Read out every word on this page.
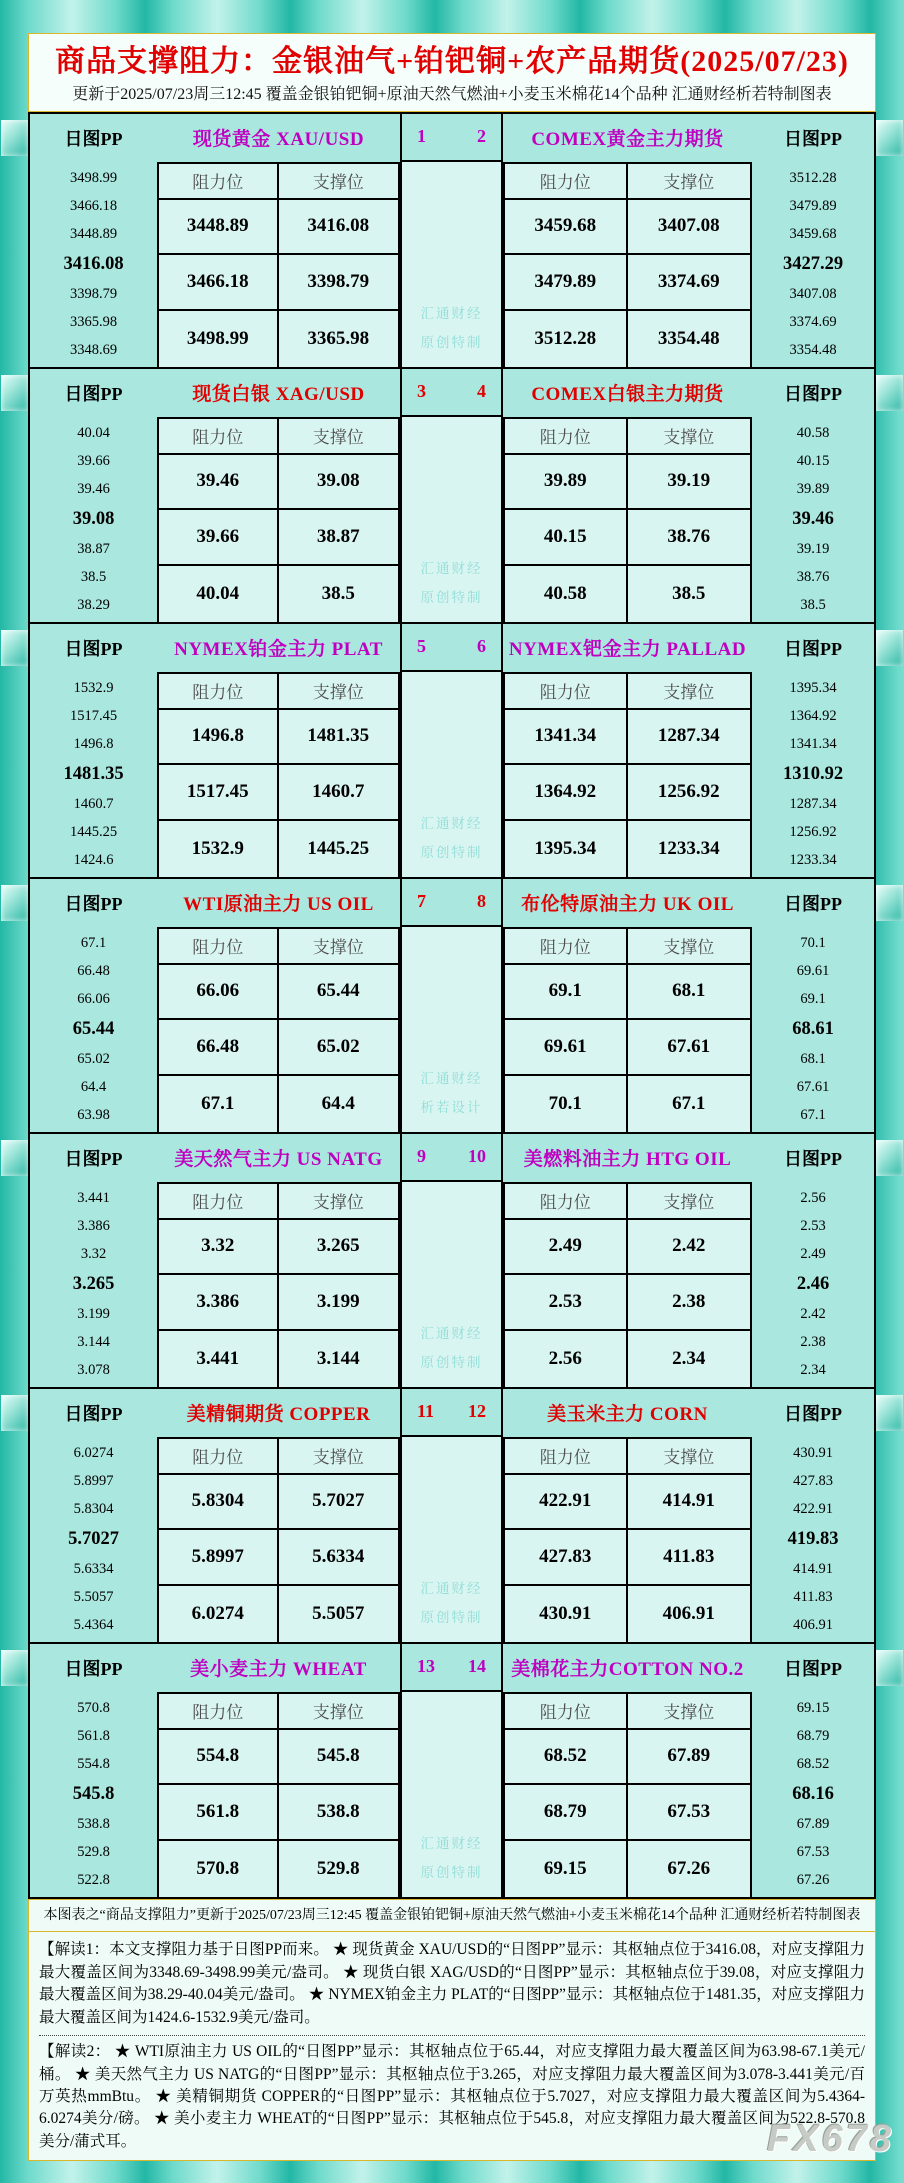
商品支撑阻力：金银油气+铂钯铜+农产品期货(2025/07/23)
更新于2025/07/23周三12:45 覆盖金银铂钯铜+原油天然气燃油+小麦玉米棉花14个品种 汇通财经析若特制图表
日图PP	现货黄金 XAU/USD	1	2 COMEX黄金主力期货	日图PP
3498.99
3466.18
3448.89
3416.08
3398.79
3365.98
3348.69
阻力位	支撑位
3448.89	3416.08
3466.18	3398.79
3498.99	3365.98
汇通财经
原创特制
阻力位	支撑位
3459.68	3407.08
3479.89	3374.69
3512.28	3354.48
3512.28
3479.89
3459.68
3427.29
3407.08
3374.69
3354.48
日图PP	现货白银 XAG/USD	3	4 COMEX白银主力期货	日图PP
40.04
39.66
39.46
39.08
38.87
38.5
38.29
阻力位	支撑位
39.46	39.08
39.66	38.87
40.04	38.5
汇通财经
原创特制
阻力位	支撑位
39.89	39.19
40.15	38.76
40.58	38.5
40.58
40.15
39.89
39.46
39.19
38.76
38.5
日图PP	NYMEX铂金主力 PLAT 5	6 NYMEX钯金主力 PALLAD	日图PP
1532.9
1517.45
1496.8
1481.35
1460.7
1445.25
1424.6
阻力位	支撑位
1496.8	1481.35
1517.45	1460.7
1532.9	1445.25
汇通财经
原创特制
阻力位	支撑位
1341.34	1287.34
1364.92	1256.92
1395.34	1233.34
1395.34
1364.92
1341.34
1310.92
1287.34
1256.92
1233.34
日图PP	WTI原油主力 US OIL 7	8 布伦特原油主力 UK OIL	日图PP
67.1
66.48
66.06
65.44
65.02
64.4
63.98
阻力位	支撑位
66.06	65.44
66.48	65.02
67.1	64.4
汇通财经
析若设计
阻力位	支撑位
69.1	68.1
69.61	67.61
70.1	67.1
70.1
69.61
69.1
68.61
68.1
67.61
67.1
日图PP	美天然气主力 US NATG 9 10 美燃料油主力 HTG OIL	日图PP
3.441
3.386
3.32
3.265
3.199
3.144
3.078
阻力位	支撑位
3.32	3.265
3.386	3.199
3.441	3.144
汇通财经
原创特制
阻力位	支撑位
2.49	2.42
2.53	2.38
2.56	2.34
2.56
2.53
2.49
2.46
2.42
2.38
2.34
日图PP	美精铜期货 COPPER	11 12	美玉米主力 CORN	日图PP
6.0274
5.8997
5.8304
5.7027
5.6334
5.5057
5.4364
阻力位	支撑位
5.8304	5.7027
5.8997	5.6334
6.0274	5.5057
汇通财经
原创特制
阻力位	支撑位
422.91	414.91
427.83	411.83
430.91	406.91
430.91
427.83
422.91
419.83
414.91
411.83
406.91
日图PP	美小麦主力 WHEAT	13 14 美棉花主力COTTON NO.2	日图PP
570.8
561.8
554.8
545.8
538.8
529.8
522.8
阻力位	支撑位
554.8	545.8
561.8	538.8
570.8	529.8
汇通财经
原创特制
阻力位	支撑位
68.52	67.89
68.79	67.53
69.15	67.26
69.15
68.79
68.52
68.16
67.89
67.53
67.26
本图表之“商品支撑阻力”更新于2025/07/23周三12:45 覆盖金银铂钯铜+原油天然气燃油+小麦玉米棉花14个品种 汇通财经析若特制图表
【解读1：本文支撑阻力基于日图PP而来。 ★ 现货黄金 XAU/USD的“日图PP”显示：其枢轴点位于3416.08，对应支撑阻力最大覆盖区间为3348.69-3498.99美元/盎司。 ★ 现货白银 XAG/USD的“日图PP”显示：其枢轴点位于39.08，对应支撑阻力最大覆盖区间为38.29-40.04美元/盎司。 ★ NYMEX铂金主力 PLAT的“日图PP”显示：其枢轴点位于1481.35，对应支撑阻力最大覆盖区间为1424.6-1532.9美元/盎司。
【解读2： ★ WTI原油主力 US OIL的“日图PP”显示：其枢轴点位于65.44，对应支撑阻力最大覆盖区间为63.98-67.1美元/桶。 ★ 美天然气主力 US NATG的“日图PP”显示：其枢轴点位于3.265，对应支撑阻力最大覆盖区间为3.078-3.441美元/百万英热mmBtu。 ★ 美精铜期货 COPPER的“日图PP”显示：其枢轴点位于5.7027，对应支撑阻力最大覆盖区间为5.4364-6.0274美分/磅。 ★ 美小麦主力 WHEAT的“日图PP”显示：其枢轴点位于545.8，对应支撑阻力最大覆盖区间为522.8-570.8美分/蒲式耳。	FX678
